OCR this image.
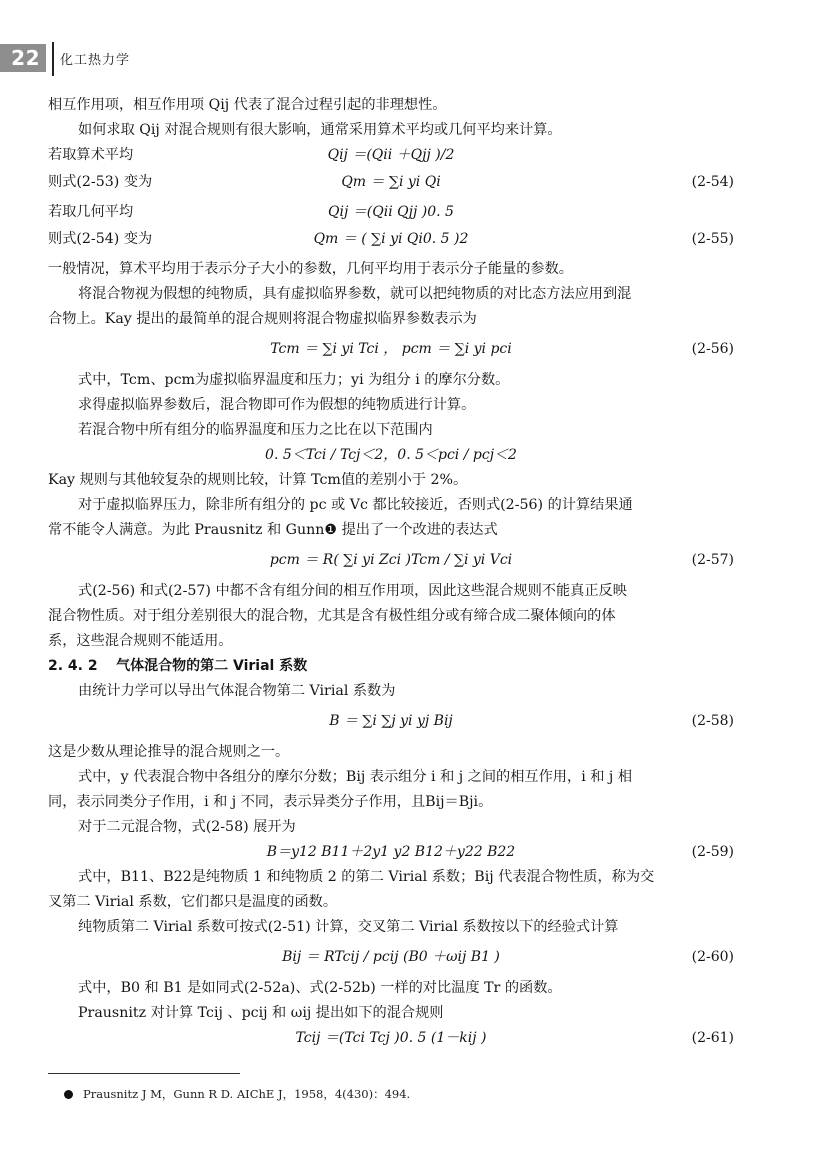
22	化工热力学
相互作用项，相互作用项 Qij 代表了混合过程引起的非理想性。
如何求取 Qij 对混合规则有很大影响，通常采用算术平均或几何平均来计算。
若取算术平均	Qij ＝(Qii ＋Qjj )/2
则式(2-53) 变为	Qm ＝ ∑i yi Qi	(2-54)
若取几何平均	Qij ＝(Qii Qjj )0. 5
则式(2-54) 变为	Qm ＝ ( ∑i yi Qi0. 5 )2	(2-55)
一般情况，算术平均用于表示分子大小的参数，几何平均用于表示分子能量的参数。
将混合物视为假想的纯物质，具有虚拟临界参数，就可以把纯物质的对比态方法应用到混
合物上。Kay 提出的最简单的混合规则将混合物虚拟临界参数表示为
Tcm ＝ ∑i yi Tci ， pcm ＝ ∑i yi pci	(2-56)
式中，Tcm、pcm为虚拟临界温度和压力；yi 为组分 i 的摩尔分数。
求得虚拟临界参数后，混合物即可作为假想的纯物质进行计算。
若混合物中所有组分的临界温度和压力之比在以下范围内
0. 5＜Tci / Tcj＜2，0. 5＜pci / pcj＜2
Kay 规则与其他较复杂的规则比较，计算 Tcm值的差别小于 2%。
对于虚拟临界压力，除非所有组分的 pc 或 Vc 都比较接近，否则式(2-56) 的计算结果通
常不能令人满意。为此 Prausnitz 和 Gunn❶ 提出了一个改进的表达式
pcm ＝ R( ∑i yi Zci )Tcm / ∑i yi Vci	(2-57)
式(2-56) 和式(2-57) 中都不含有组分间的相互作用项，因此这些混合规则不能真正反映
混合物性质。对于组分差别很大的混合物，尤其是含有极性组分或有缔合成二聚体倾向的体
系，这些混合规则不能适用。
2. 4. 2 气体混合物的第二 Virial 系数
由统计力学可以导出气体混合物第二 Virial 系数为
B ＝ ∑i ∑j yi yj Bij	(2-58)
这是少数从理论推导的混合规则之一。
式中，y 代表混合物中各组分的摩尔分数；Bij 表示组分 i 和 j 之间的相互作用，i 和 j 相
同，表示同类分子作用，i 和 j 不同，表示异类分子作用，且Bij＝Bji。
对于二元混合物，式(2-58) 展开为
B＝y12 B11＋2y1 y2 B12＋y22 B22	(2-59)
式中，B11、B22是纯物质 1 和纯物质 2 的第二 Virial 系数；Bij 代表混合物性质，称为交
叉第二 Virial 系数，它们都只是温度的函数。
纯物质第二 Virial 系数可按式(2-51) 计算，交叉第二 Virial 系数按以下的经验式计算
Bij ＝ RTcij / pcij (B0 ＋ωij B1 )	(2-60)
式中，B0 和 B1 是如同式(2-52a)、式(2-52b) 一样的对比温度 Tr 的函数。
Prausnitz 对计算 Tcij 、pcij 和 ωij 提出如下的混合规则
Tcij ＝(Tci Tcj )0. 5 (1－kij )	(2-61)
Prausnitz J M，Gunn R D. AIChE J，1958，4(430)：494.
